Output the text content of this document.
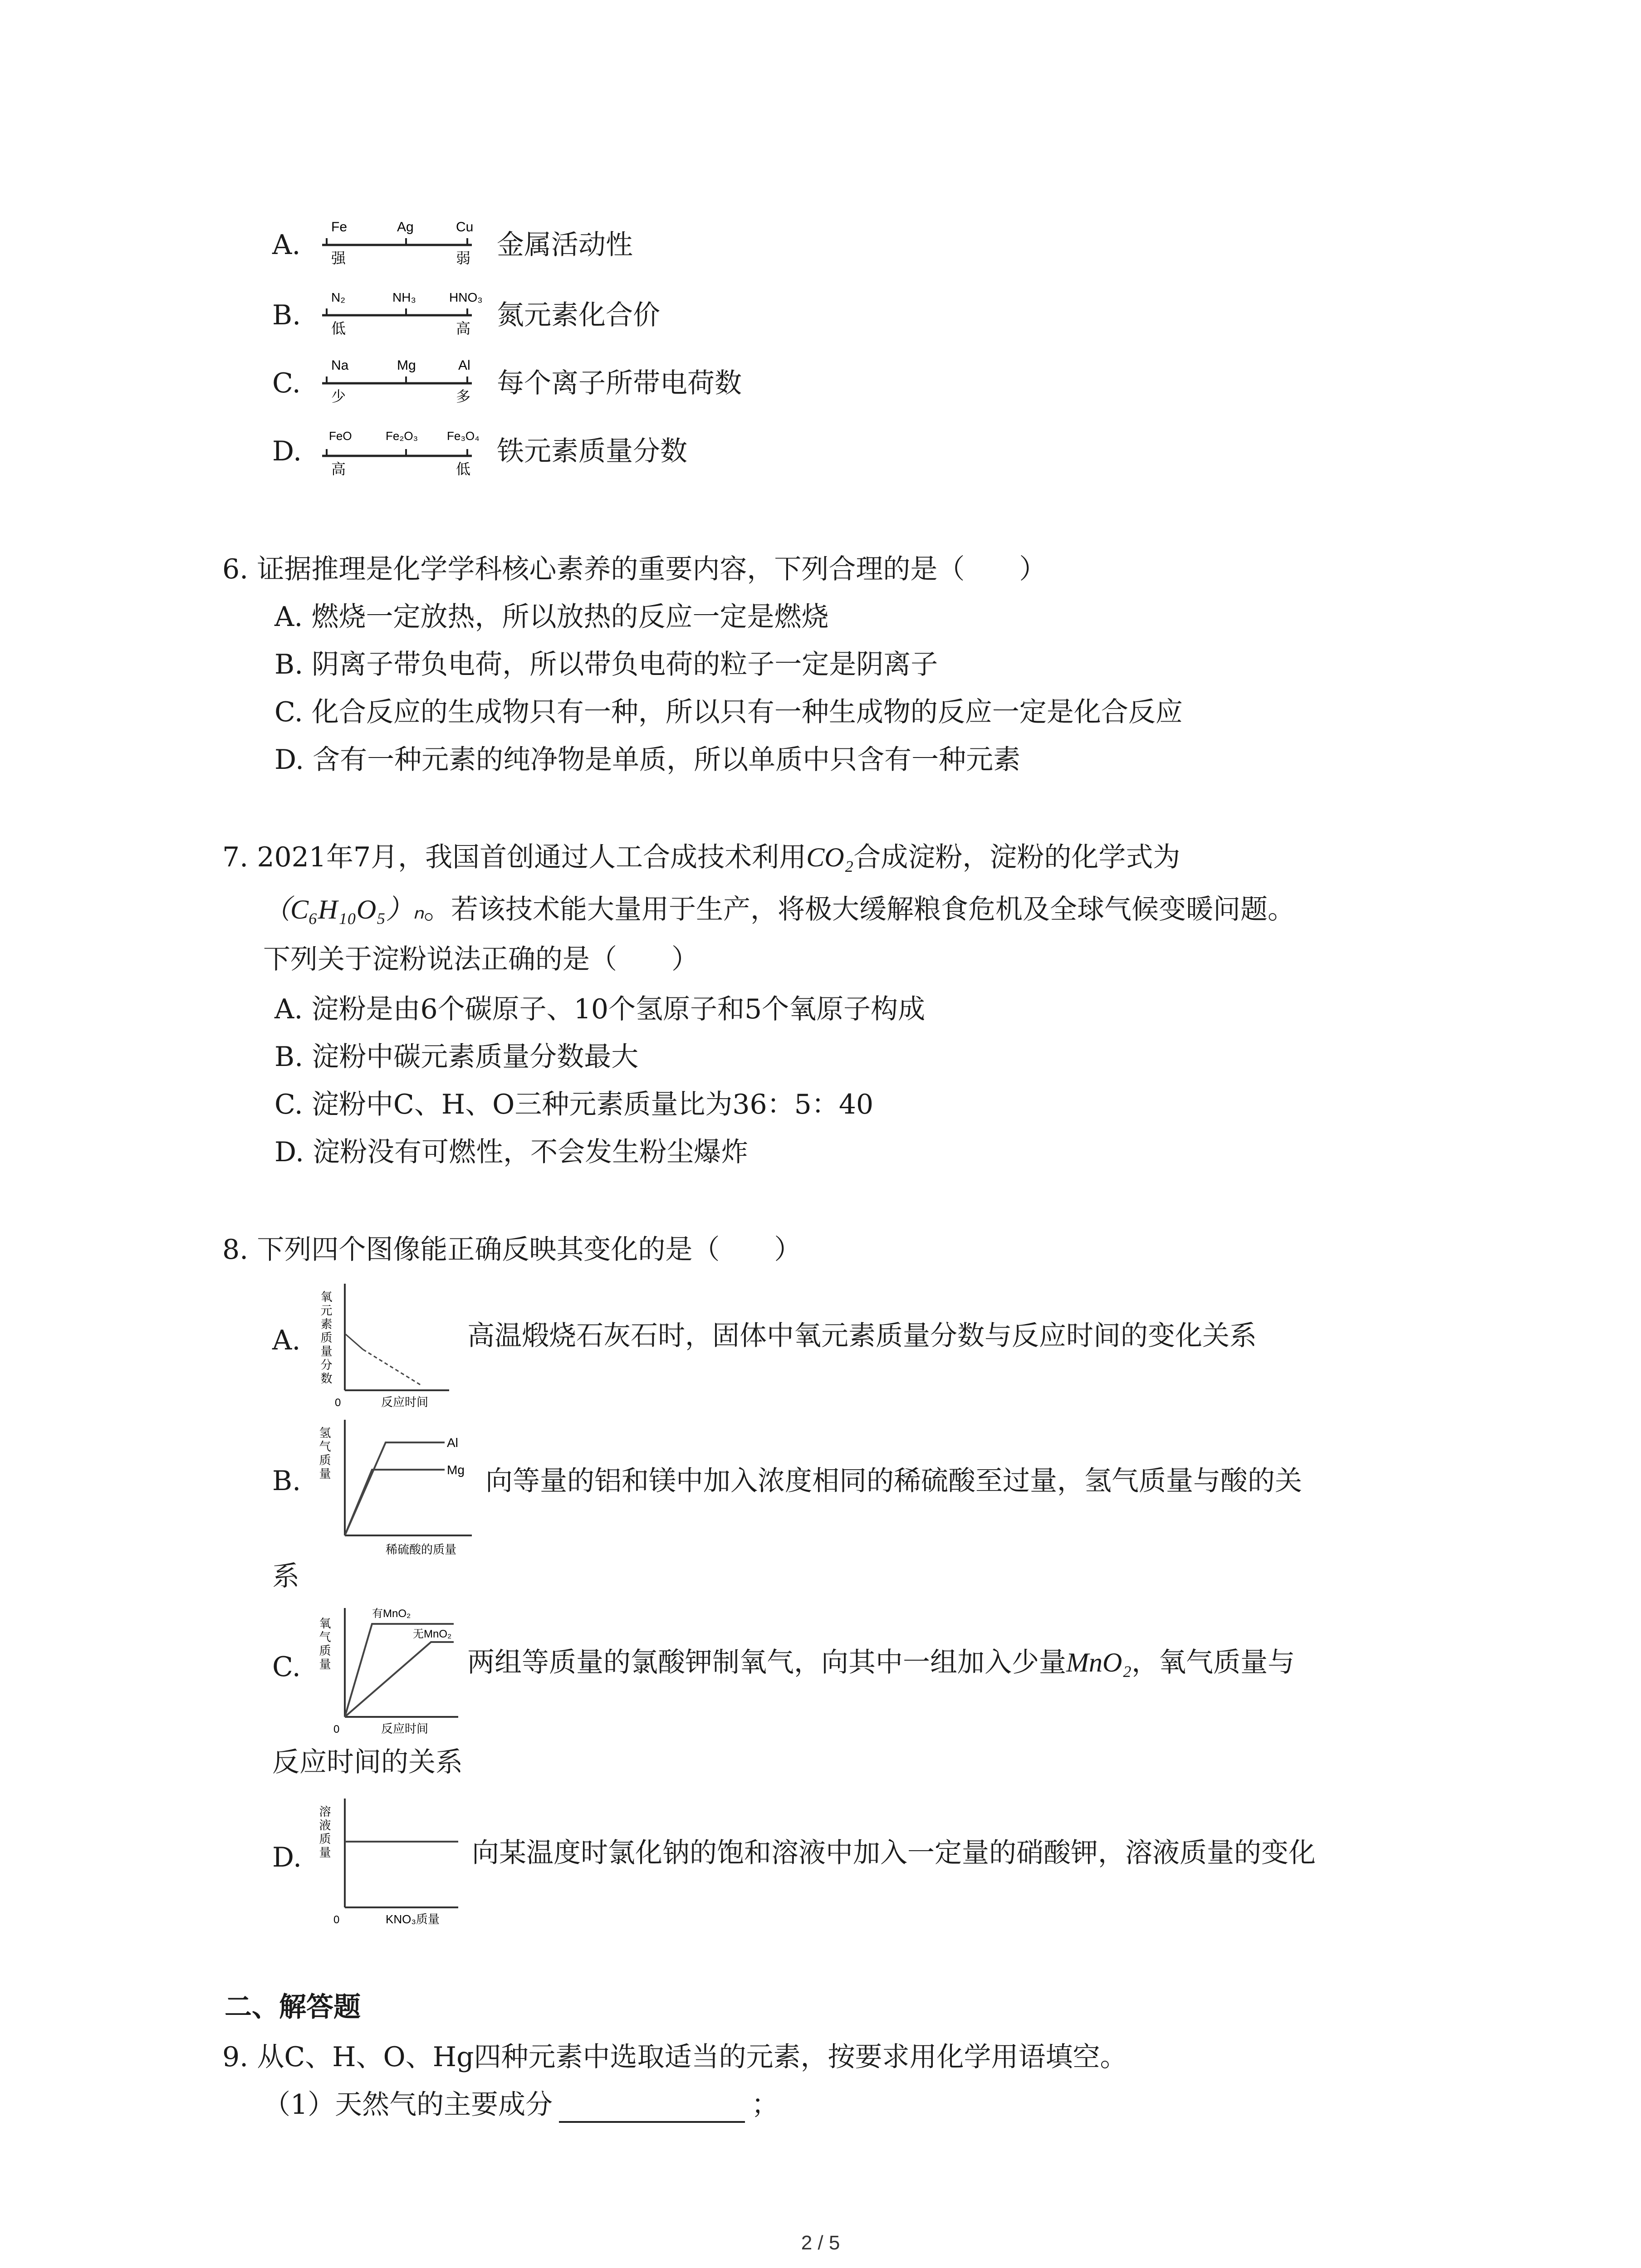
A.
Fe	Ag	Cu
强	弱 金属活动性
B.
N₂	NH₃	HNO₃
低	高 氮元素化合价
C.
Na	Mg	Al
少	多 每个离子所带电荷数
D. FeO	Fe₂O₃ Fe₃O₄
高	低
铁元素质量分数
6. 证据推理是化学学科核心素养的重要内容，下列合理的是（　　）
A. 燃烧一定放热，所以放热的反应一定是燃烧
B. 阴离子带负电荷，所以带负电荷的粒子一定是阴离子
C. 化合反应的生成物只有一种，所以只有一种生成物的反应一定是化合反应
D. 含有一种元素的纯净物是单质，所以单质中只含有一种元素
7. 2021年7月，我国首创通过人工合成技术利用CO₂合成淀粉，淀粉的化学式为
（C₆H₁₀O₅）ₙ。若该技术能大量用于生产，将极大缓解粮食危机及全球气候变暖问题。
下列关于淀粉说法正确的是（　　）
A. 淀粉是由6个碳原子、10个氢原子和5个氧原子构成
B. 淀粉中碳元素质量分数最大
C. 淀粉中C、H、O三种元素质量比为36：5：40
D. 淀粉没有可燃性，不会发生粉尘爆炸
8. 下列四个图像能正确反映其变化的是（　　）
A. 氧元素质量分数
0	反应时间
高温煅烧石灰石时，固体中氧元素质量分数与反应时间的变化关系
B. 氢气质量	Al
Mg
稀硫酸的质量
向等量的铝和镁中加入浓度相同的稀硫酸至过量，氢气质量与酸的关
系
C. 氧气质量
有MnO₂
无MnO₂
0	反应时间
两组等质量的氯酸钾制氧气，向其中一组加入少量MnO₂，氧气质量与
反应时间的关系
D. 溶液质量
0	KNO₃质量
向某温度时氯化钠的饱和溶液中加入一定量的硝酸钾，溶液质量的变化
二、解答题
9. 从C、H、O、Hg四种元素中选取适当的元素，按要求用化学用语填空。
（1）天然气的主要成分	；
2 / 5
